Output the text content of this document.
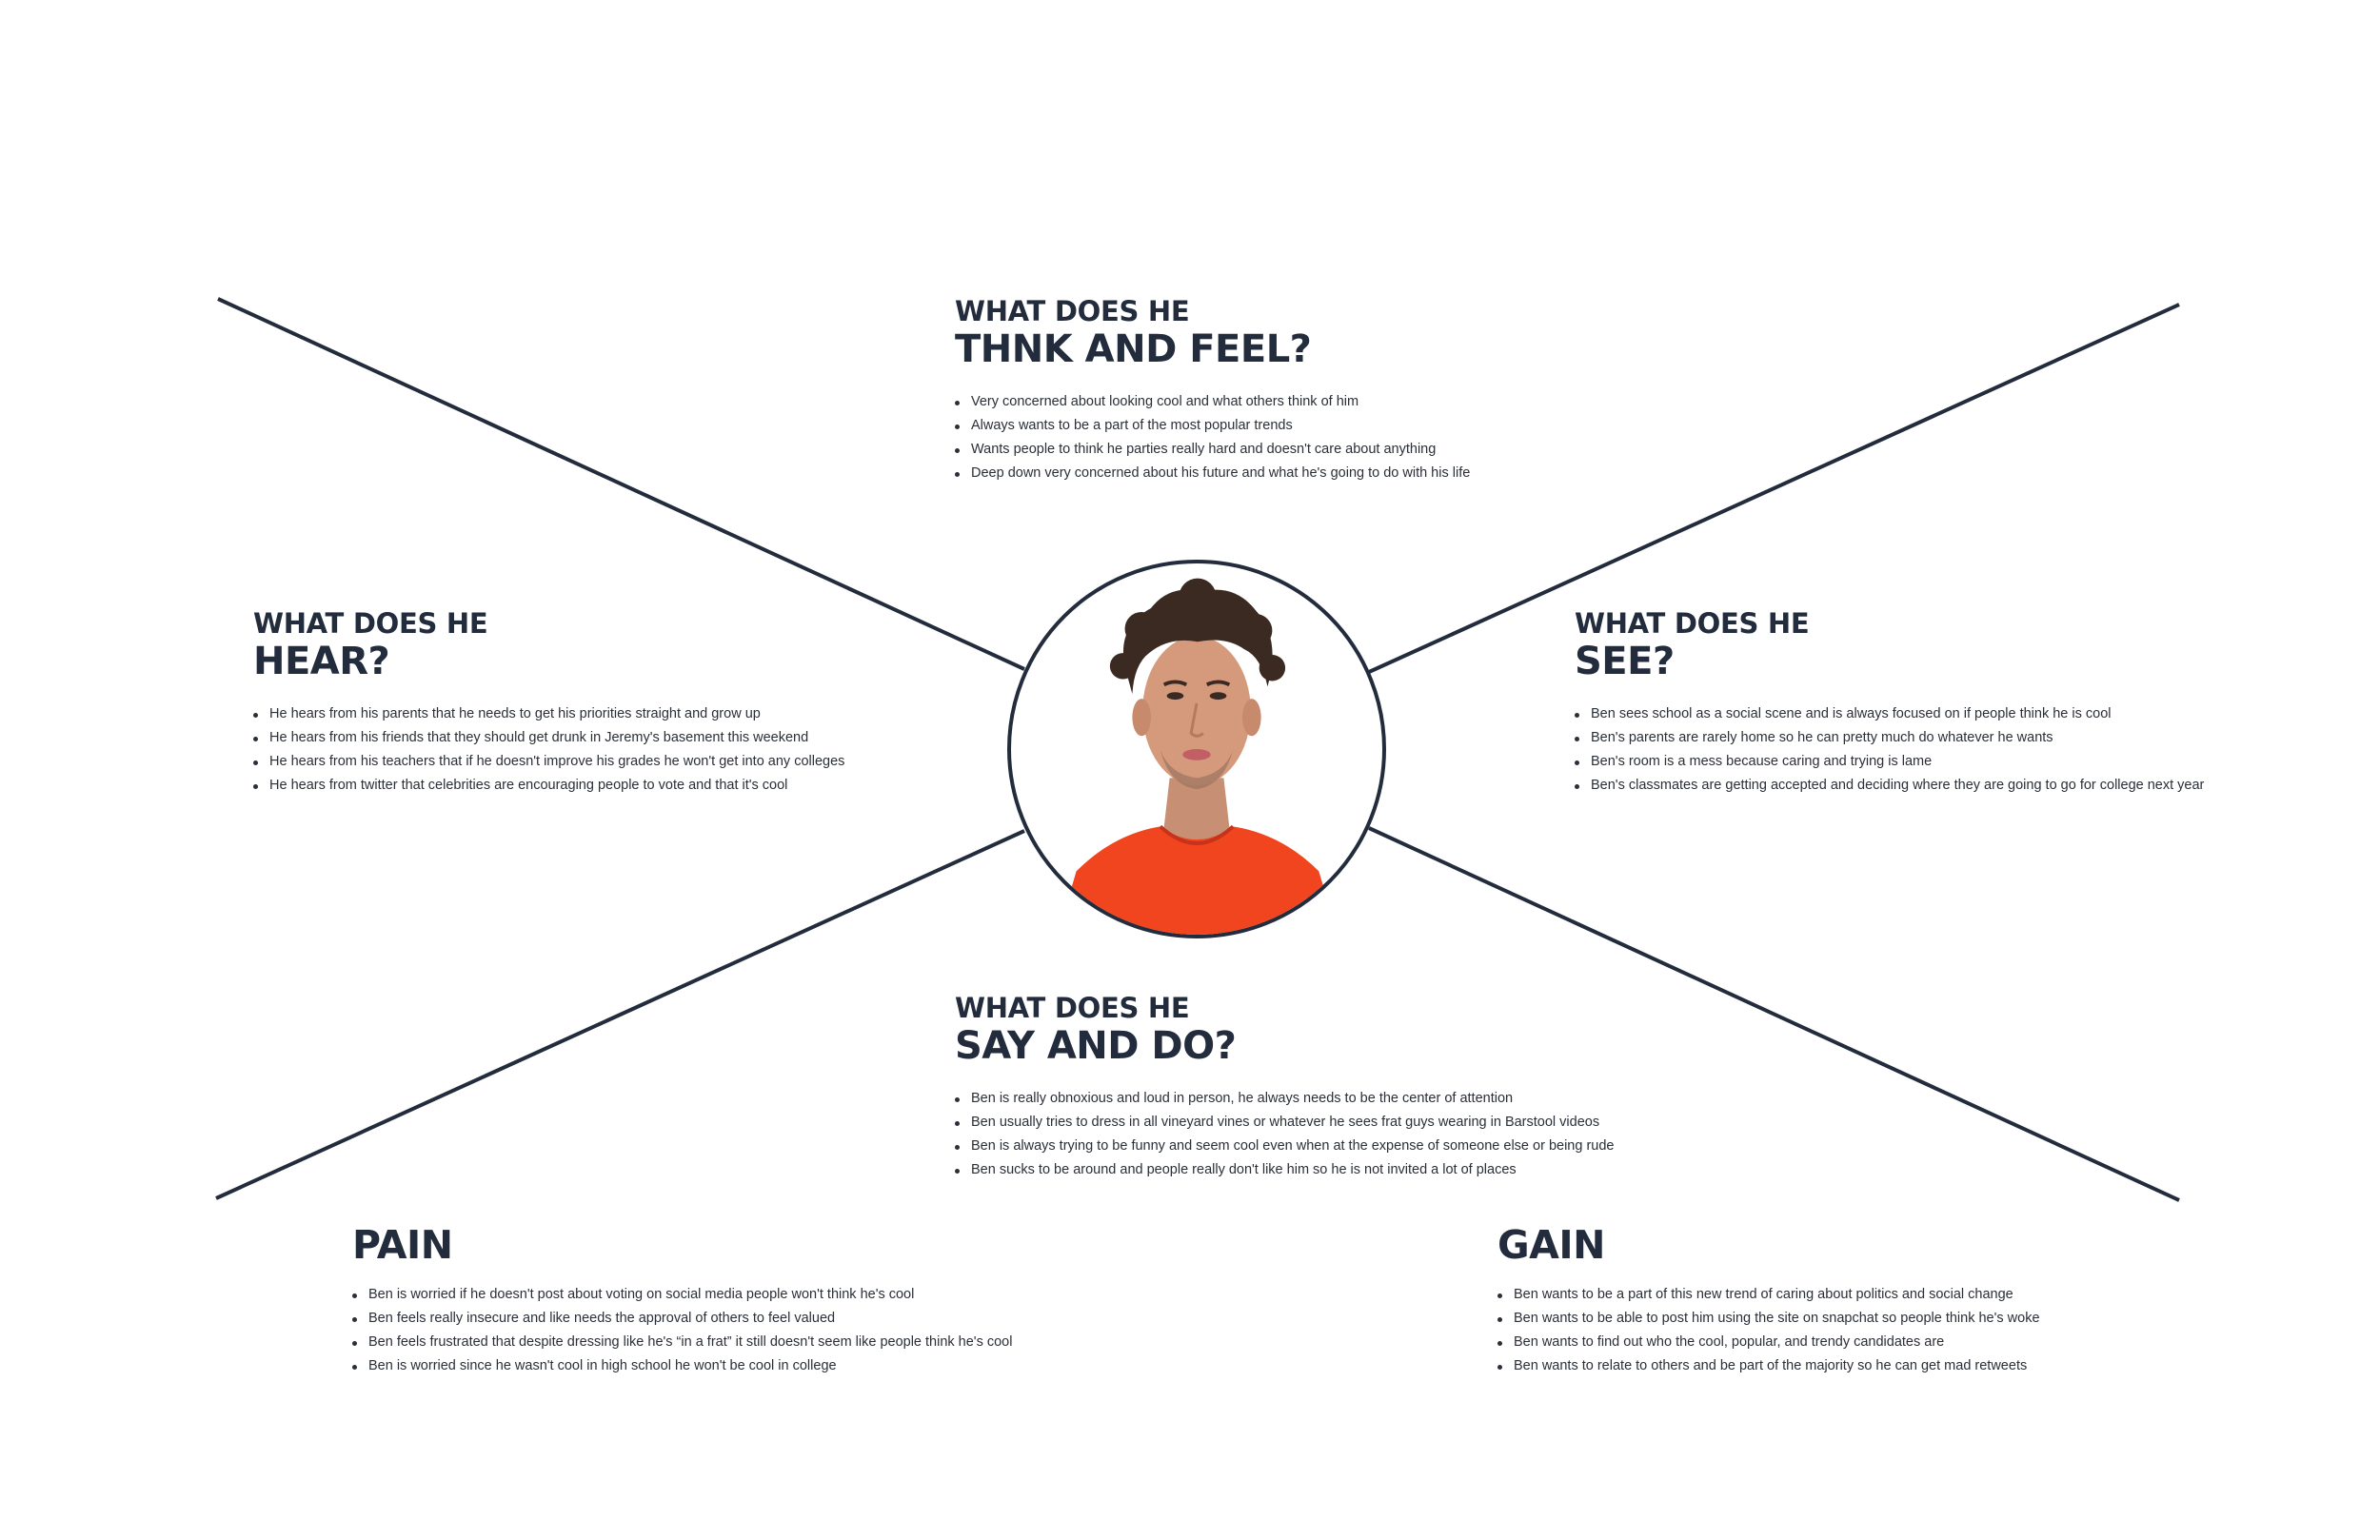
WHAT DOES HE

THNK AND FEEL?

Very concerned about looking cool and what others think of him
Always wants to be a part of the most popular trends
Wants people to think he parties really hard and doesn't care about anything
Deep down very concerned about his future and what he's going to do with his life

WHAT DOES HE

HEAR?

He hears from his parents that he needs to get his priorities straight and grow up
He hears from his friends that they should get drunk in Jeremy's basement this weekend
He hears from his teachers that if he doesn't improve his grades he won't get into any colleges
He hears from twitter that celebrities are encouraging people to vote and that it's cool

WHAT DOES HE

SEE?

Ben sees school as a social scene and is always focused on if people think he is cool
Ben's parents are rarely home so he can pretty much do whatever he wants
Ben's room is a mess because caring and trying is lame
Ben's classmates are getting accepted and deciding where they are going to go for college next year

WHAT DOES HE

SAY AND DO?

Ben is really obnoxious and loud in person, he always needs to be the center of attention
Ben usually tries to dress in all vineyard vines or whatever he sees frat guys wearing in Barstool videos
Ben is always trying to be funny and seem cool even when at the expense of someone else or being rude
Ben sucks to be around and people really don't like him so he is not invited a lot of places

PAIN

Ben is worried if he doesn't post about voting on social media people won't think he's cool
Ben feels really insecure and like needs the approval of others to feel valued
Ben feels frustrated that despite dressing like he's “in a frat” it still doesn't seem like people think he's cool
Ben is worried since he wasn't cool in high school he won't be cool in college

GAIN

Ben wants to be a part of this new trend of caring about politics and social change
Ben wants to be able to post him using the site on snapchat so people think he's woke
Ben wants to find out who the cool, popular, and trendy candidates are
Ben wants to relate to others and be part of the majority so he can get mad retweets
